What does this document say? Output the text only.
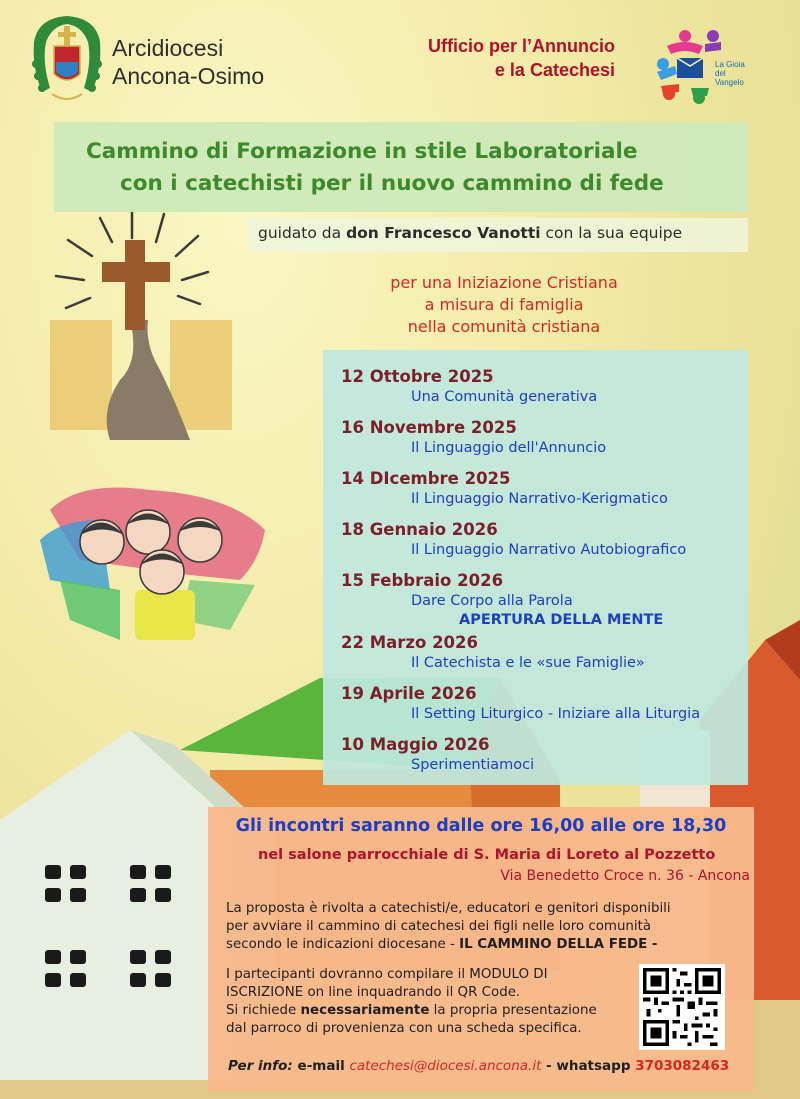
Arcidiocesi
Ancona-Osimo
Ufficio per l’Annuncio
e la Catechesi	La Gioia
del Vangelo
Cammino di Formazione in stile Laboratoriale
con i catechisti per il nuovo cammino di fede
guidato da don Francesco Vanotti con la sua equipe
per una Iniziazione Cristiana
a misura di famiglia
nella comunità cristiana
12 Ottobre 2025
Una Comunità generativa
16 Novembre 2025
Il Linguaggio dell'Annuncio
14 DIcembre 2025
Il Linguaggio Narrativo-Kerigmatico
18 Gennaio 2026
Il Linguaggio Narrativo Autobiografico
15 Febbraio 2026
Dare Corpo alla Parola
APERTURA DELLA MENTE
22 Marzo 2026
Il Catechista e le «sue Famiglie»
19 Aprile 2026
Il Setting Liturgico - Iniziare alla Liturgia
10 Maggio 2026
Sperimentiamoci
Gli incontri saranno dalle ore 16,00 alle ore 18,30
nel salone parrocchiale di S. Maria di Loreto al Pozzetto
Via Benedetto Croce n. 36 - Ancona
La proposta è rivolta a catechisti/e, educatori e genitori disponibili
per avviare il cammino di catechesi dei figli nelle loro comunità
secondo le indicazioni diocesane - IL CAMMINO DELLA FEDE -
I partecipanti dovranno compilare il MODULO DI
ISCRIZIONE on line inquadrando il QR Code.
Si richiede necessariamente la propria presentazione
dal parroco di provenienza con una scheda specifica.
Per info: e-mail catechesi@diocesi.ancona.it - whatsapp 3703082463
